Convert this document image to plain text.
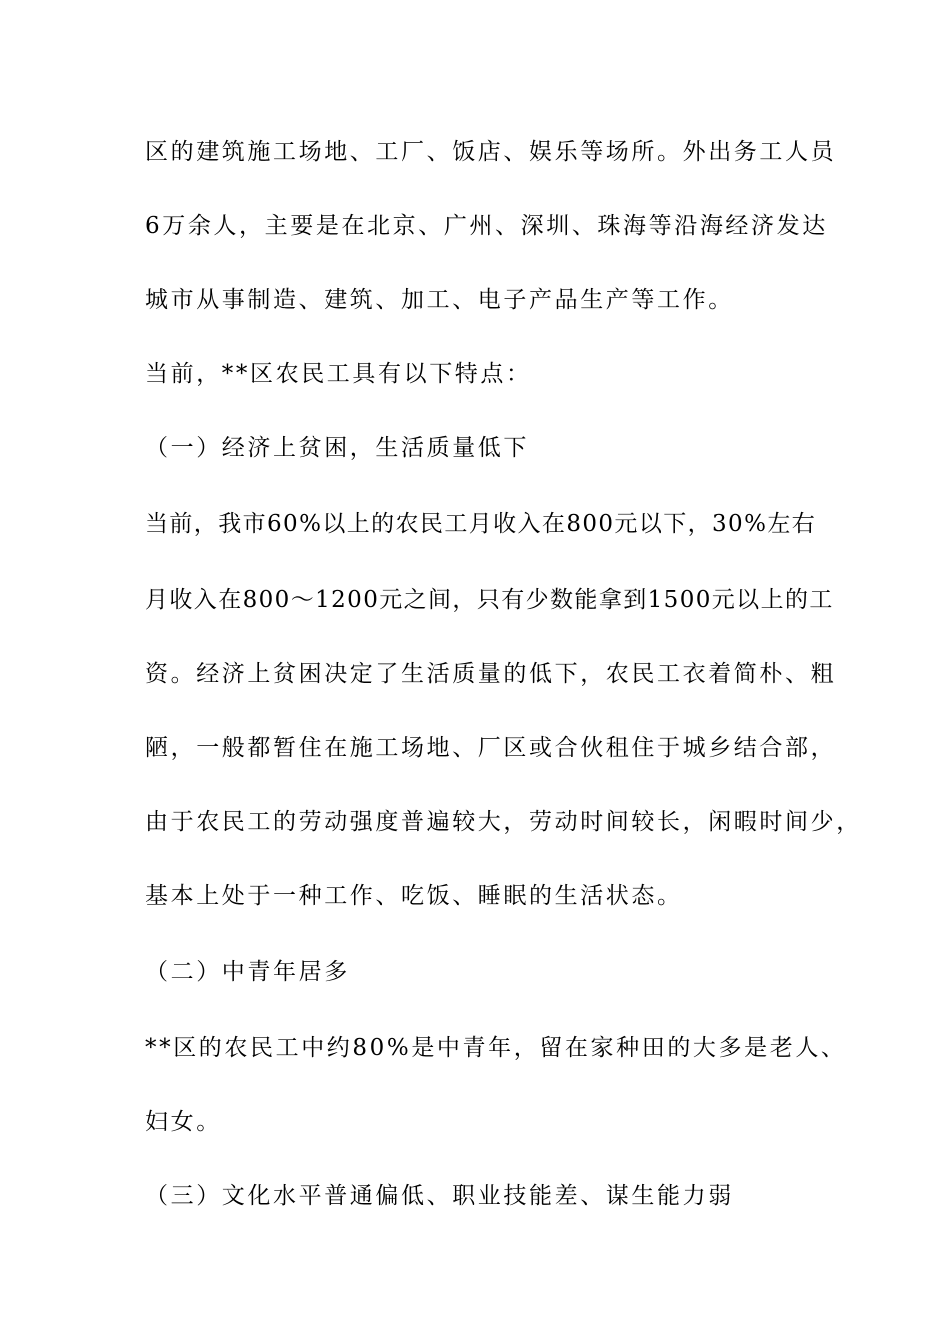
区的建筑施工场地、工厂、饭店、娱乐等场所。外出务工人员

6万余人，主要是在北京、广州、深圳、珠海等沿海经济发达

城市从事制造、建筑、加工、电子产品生产等工作。

当前，**区农民工具有以下特点：

（一）经济上贫困，生活质量低下

当前，我市60%以上的农民工月收入在800元以下，30%左右

月收入在800～1200元之间，只有少数能拿到1500元以上的工

资。经济上贫困决定了生活质量的低下，农民工衣着简朴、粗

陋，一般都暂住在施工场地、厂区或合伙租住于城乡结合部，

由于农民工的劳动强度普遍较大，劳动时间较长，闲暇时间少，

基本上处于一种工作、吃饭、睡眠的生活状态。

（二）中青年居多

**区的农民工中约80%是中青年，留在家种田的大多是老人、

妇女。

（三）文化水平普通偏低、职业技能差、谋生能力弱
